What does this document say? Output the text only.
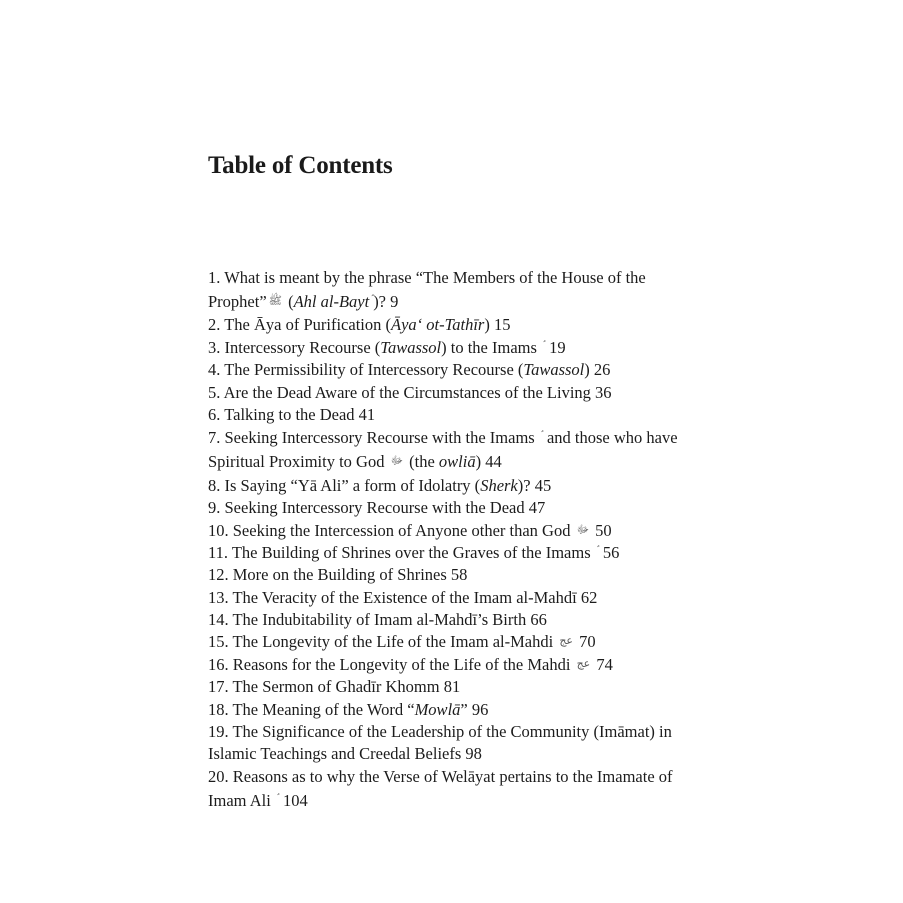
Table of Contents
1. What is meant by the phrase “The Members of the House of the Prophet” ﷺ (Ahl al-Bayt )? 9
2. The Āya of Purification (Āya‘ ot-Tathīr) 15
3. Intercessory Recourse (Tawassol) to the Imams  19
4. The Permissibility of Intercessory Recourse (Tawassol) 26
5. Are the Dead Aware of the Circumstances of the Living 36
6. Talking to the Dead 41
7. Seeking Intercessory Recourse with the Imams  and those who have Spiritual Proximity to God ﷻ (the owliā) 44
8. Is Saying “Yā Ali” a form of Idolatry (Sherk)? 45
9. Seeking Intercessory Recourse with the Dead 47
10. Seeking the Intercession of Anyone other than God ﷻ 50
11. The Building of Shrines over the Graves of the Imams  56
12. More on the Building of Shrines 58
13. The Veracity of the Existence of the Imam al-Mahdī 62
14. The Indubitability of Imam al-Mahdī’s Birth 66
15. The Longevity of the Life of the Imam al-Mahdi عج 70
16. Reasons for the Longevity of the Life of the Mahdi عج 74
17. The Sermon of Ghadīr Khomm 81
18. The Meaning of the Word “Mowlā” 96
19. The Significance of the Leadership of the Community (Imāmat) in Islamic Teachings and Creedal Beliefs 98
20. Reasons as to why the Verse of Welāyat pertains to the Imamate of Imam Ali  104
